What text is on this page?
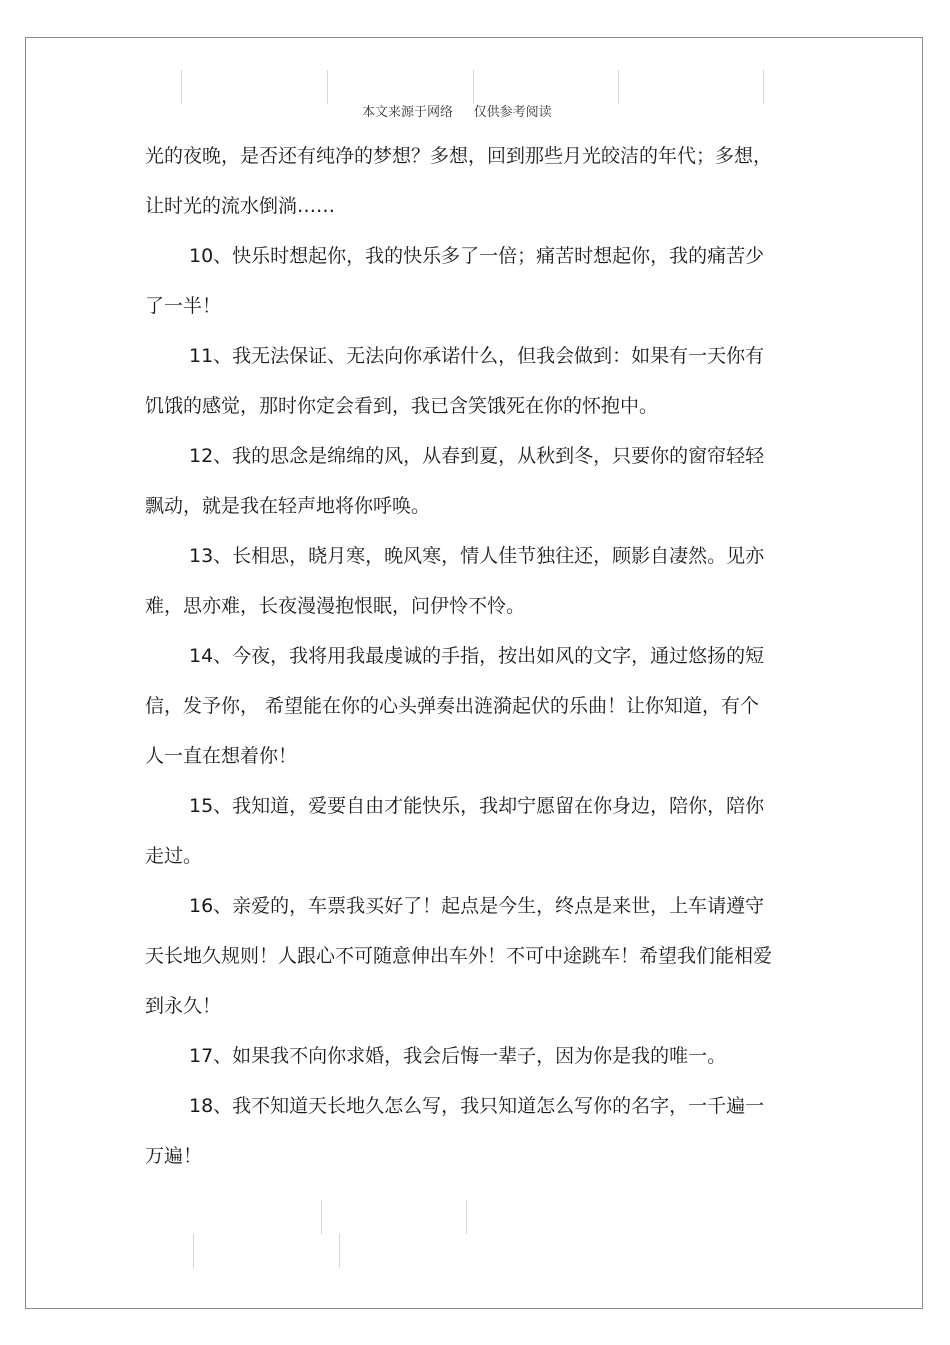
本文来源于网络     仅供参考阅读

光的夜晚，是否还有纯净的梦想？多想，回到那些月光皎洁的年代；多想，让时光的流水倒淌……

10、快乐时想起你，我的快乐多了一倍；痛苦时想起你，我的痛苦少了一半！

11、我无法保证、无法向你承诺什么，但我会做到：如果有一天你有饥饿的感觉，那时你定会看到，我已含笑饿死在你的怀抱中。

12、我的思念是绵绵的风，从春到夏，从秋到冬，只要你的窗帘轻轻飘动，就是我在轻声地将你呼唤。

13、长相思，晓月寒，晚风寒，情人佳节独往还，顾影自凄然。见亦难，思亦难，长夜漫漫抱恨眠，问伊怜不怜。

14、今夜，我将用我最虔诚的手指，按出如风的文字，通过悠扬的短信，发予你， 希望能在你的心头弹奏出涟漪起伏的乐曲！让你知道，有个人一直在想着你！

15、我知道，爱要自由才能快乐，我却宁愿留在你身边，陪你，陪你走过。

16、亲爱的，车票我买好了！起点是今生，终点是来世，上车请遵守天长地久规则！人跟心不可随意伸出车外！不可中途跳车！希望我们能相爱到永久！

17、如果我不向你求婚，我会后悔一辈子，因为你是我的唯一。

18、我不知道天长地久怎么写，我只知道怎么写你的名字，一千遍一万遍！
